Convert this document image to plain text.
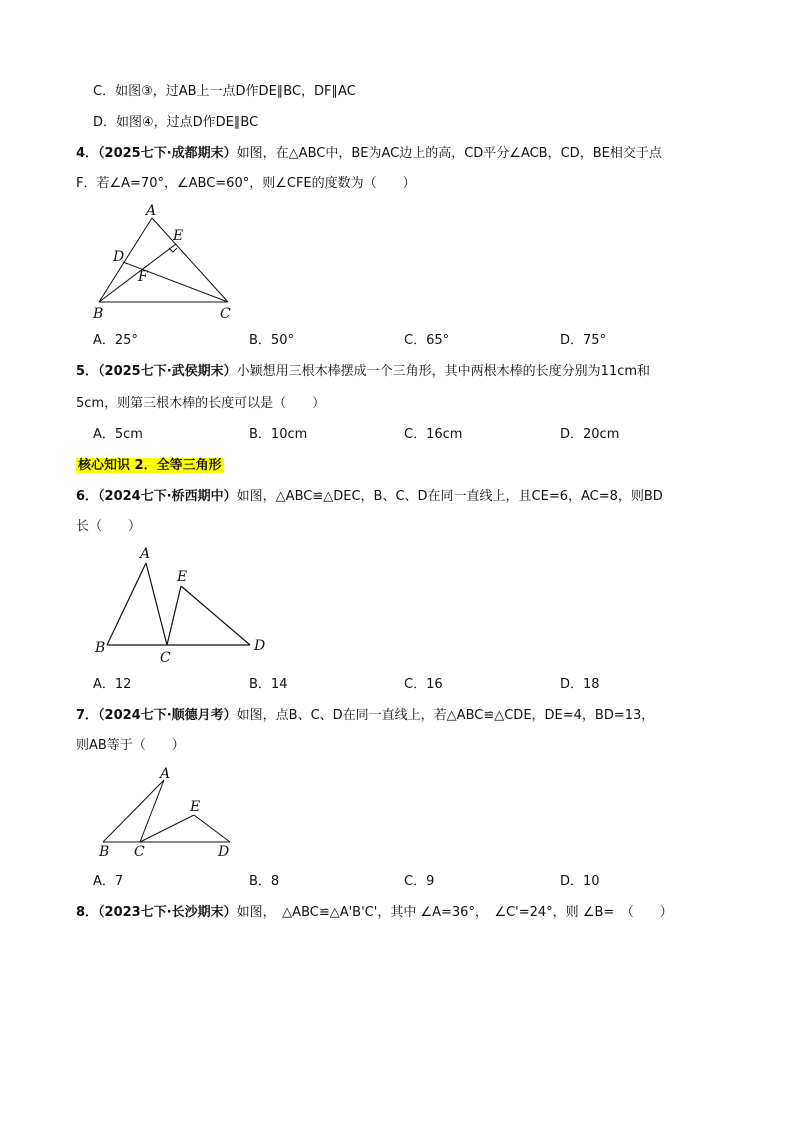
C．如图③，过AB上一点D作DE∥BC，DF∥AC
D．如图④，过点D作DE∥BC
4．（2025七下·成都期末）如图，在△ABC中，BE为AC边上的高，CD平分∠ACB，CD，BE相交于点
F．若∠A=70°，∠ABC=60°，则∠CFE的度数为（　　）
A
E
D
F
B	C
A．25°	B．50°	C．65°	D．75°
5．（2025七下·武侯期末）小颖想用三根木棒摆成一个三角形，其中两根木棒的长度分别为11cm和
5cm，则第三根木棒的长度可以是（　　）
A．5cm	B．10cm	C．16cm	D．20cm
核心知识 2．全等三角形
6．（2024七下·桥西期中）如图，△ABC≌△DEC，B、C、D在同一直线上，且CE=6，AC=8，则BD
长（　　）
A
E
B
C
D
A．12	B．14	C．16	D．18
7．（2024七下·顺德月考）如图，点B、C、D在同一直线上，若△ABC≌△CDE，DE=4，BD=13，
则AB等于（　　）
A
E
B C	D
A．7	B．8	C．9	D．10
8．（2023七下·长沙期末）如图，　△ABC≌△A'B'C'，其中 ∠A=36°，　∠C'=24°，则 ∠B=　（　　）
